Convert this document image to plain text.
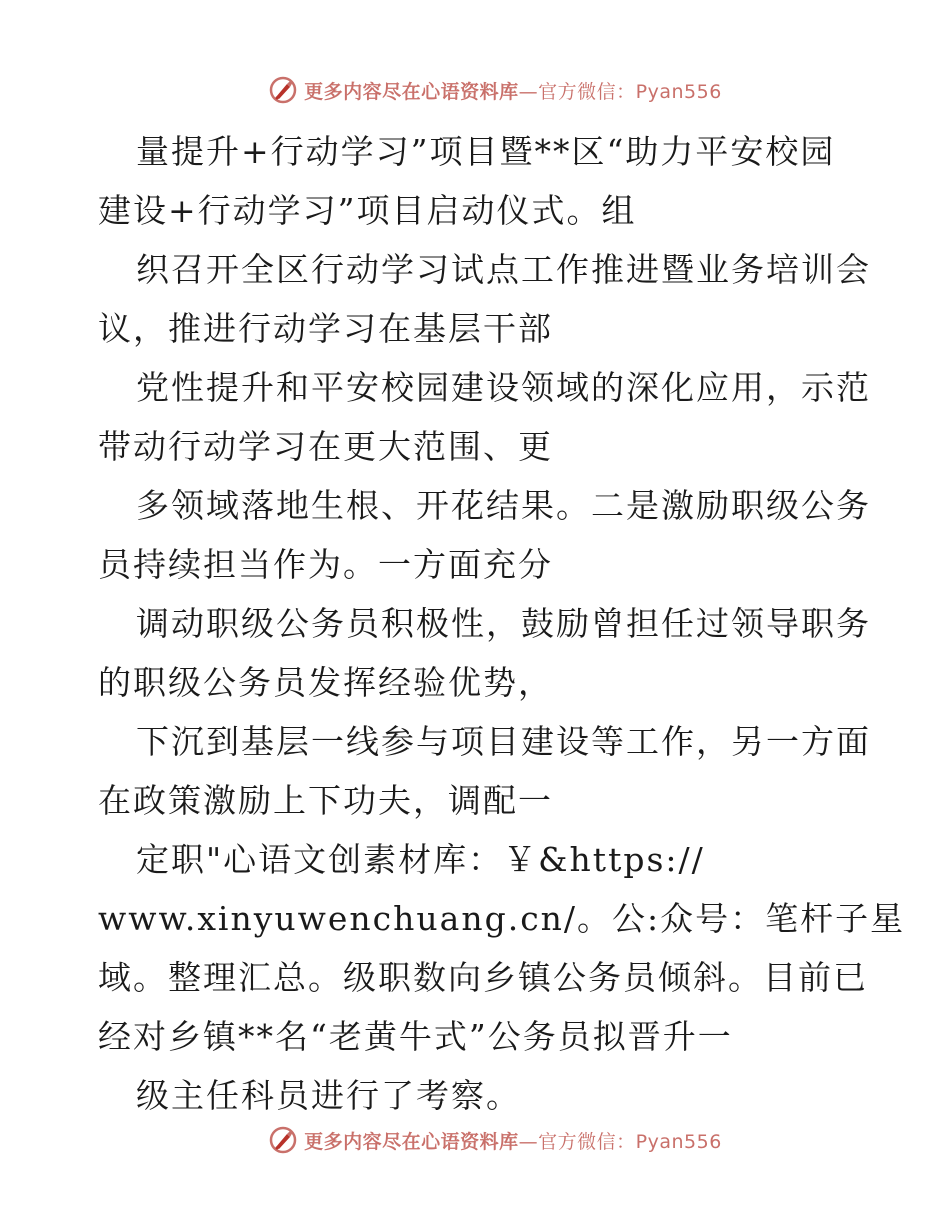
更多内容尽在心语资料库—官方微信：Pyan556
量提升+行动学习”项目暨**区“助力平安校园
建设+行动学习”项目启动仪式。组
织召开全区行动学习试点工作推进暨业务培训会
议，推进行动学习在基层干部
党性提升和平安校园建设领域的深化应用，示范
带动行动学习在更大范围、更
多领域落地生根、开花结果。二是激励职级公务
员持续担当作为。一方面充分
调动职级公务员积极性，鼓励曾担任过领导职务
的职级公务员发挥经验优势，
下沉到基层一线参与项目建设等工作，另一方面
在政策激励上下功夫，调配一
定职"心语文创素材库：￥&https://
www.xinyuwenchuang.cn/。公:众号：笔杆子星
域。整理汇总。级职数向乡镇公务员倾斜。目前已
经对乡镇**名“老黄牛式”公务员拟晋升一
级主任科员进行了考察。
更多内容尽在心语资料库—官方微信：Pyan556
